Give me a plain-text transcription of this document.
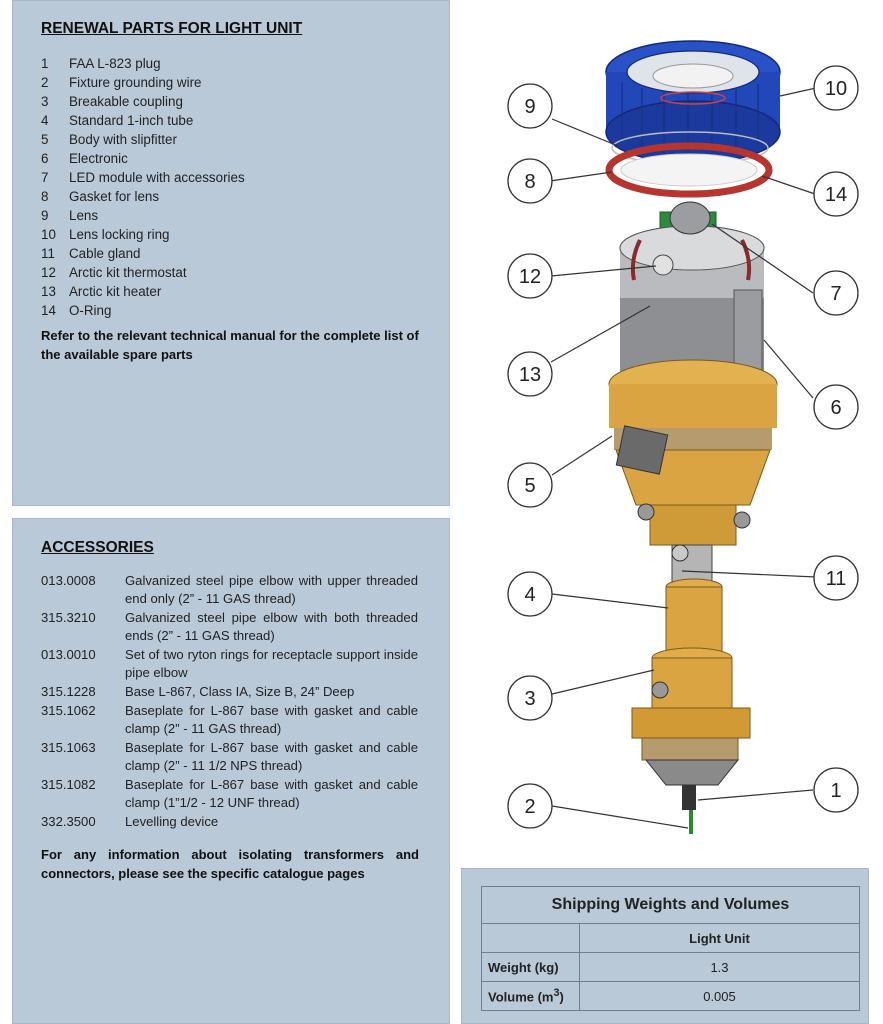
RENEWAL PARTS FOR LIGHT UNIT
1 FAA L-823 plug
2 Fixture grounding wire
3 Breakable coupling
4 Standard 1-inch tube
5 Body with slipfitter
6 Electronic
7 LED module with accessories
8 Gasket for lens
9 Lens
10 Lens locking ring
11 Cable gland
12 Arctic kit thermostat
13 Arctic kit heater
14 O-Ring
Refer to the relevant technical manual for the complete list of the available spare parts
ACCESSORIES
013.0008	Galvanized steel pipe elbow with upper threaded end only (2” - 11 GAS thread)
315.3210	Galvanized steel pipe elbow with both threaded ends (2” - 11 GAS thread)
013.0010	Set of two ryton rings for receptacle support inside pipe elbow
315.1228	Base L-867, Class IA, Size B, 24” Deep
315.1062	Baseplate for L-867 base with gasket and cable clamp (2” - 11 GAS thread)
315.1063	Baseplate for L-867 base with gasket and cable clamp (2” - 11 1/2 NPS thread)
315.1082	Baseplate for L-867 base with gasket and cable clamp (1”1/2 - 12 UNF thread)
332.3500	Levelling device
For any information about isolating transformers and connectors, please see the specific catalogue pages
1
2
3
4
5
6
7
8
9
10
11
12
13
14
Shipping Weights and Volumes	
	Light Unit
Weight (kg)	1.3
Volume $(m^3)$	0.005
